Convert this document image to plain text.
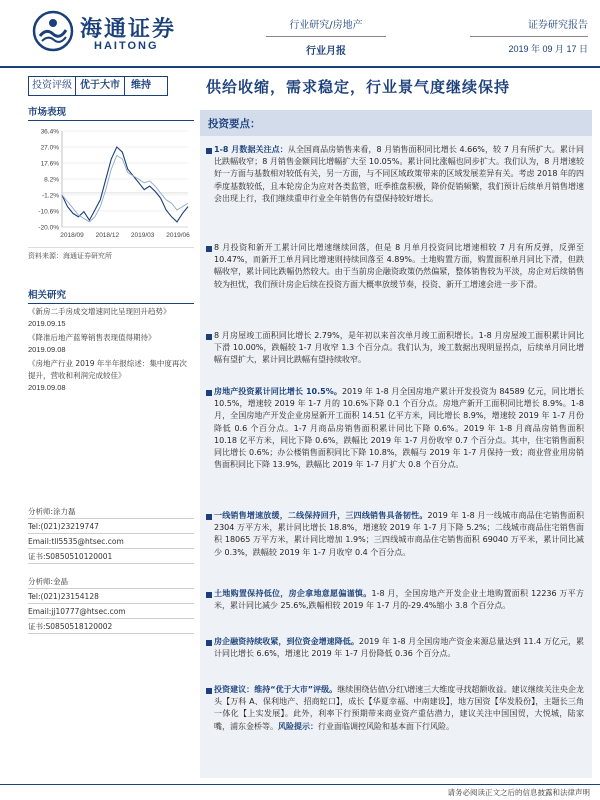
海通证券
HAITONG
行业研究/房地产
行业月报
证券研究报告
2019 年 09 月 17 日
投资评级 优于大市	维持	供给收缩，需求稳定，行业景气度继续保持
市场表现
36.4%
27.0%
17.6%
8.2%
-1.2%
-10.6%
-20.0%
2018/09 2018/12 2019/03 2019/06
资料来源：海通证券研究所
相关研究
《新房二手房成交增速同比呈现回升趋势》
2019.09.15
《降准后地产蓝筹销售表现值得期待》
2019.09.08
《房地产行业 2019 年半年报综述：集中度再次提升，营收和利润完成较佳》
2019.09.08
分析师:涂力磊
Tel:(021)23219747
Email:tll5535@htsec.com
证书:S0850510120001
分析师:金晶
Tel:(021)23154128
Email:jj10777@htsec.com
证书:S0850518120002
投资要点：
1-8 月数据关注点：从全国商品房销售来看，8 月销售面积同比增长 4.66%，较 7 月有所扩大。累计同比跌幅收窄；8 月销售金额同比增幅扩大至 10.05%。累计同比涨幅也同步扩大。我们认为，8 月增速较好一方面与基数相对较低有关，另一方面，与不同区域政策带来的区域发展差异有关。考虑 2018 年的四季度基数较低，且本轮房企为应对各类监管，旺季推盘积极，降价促销频繁，我们预计后续单月销售增速会出现上行，我们继续重申行业全年销售仍有望保持较好增长。
8 月投资和新开工累计同比增速继续回落，但是 8 月单月投资同比增速相较 7 月有所反弹，反弹至 10.47%，而新开工单月同比增速则持续回落至 4.89%。土地购置方面，购置面积单月同比下滑，但跌幅收窄，累计同比跌幅仍然较大。由于当前房企融资政策仍然偏紧，整体销售较为平淡，房企对后续销售较为担忧，我们预计房企后续在投资方面大概率放缓节奏，投资、新开工增速会进一步下滑。
8 月房屋竣工面积同比增长 2.79%，是年初以来首次单月竣工面积增长。1-8 月房屋竣工面积累计同比下滑 10.00%，跌幅较 1-7 月收窄 1.3 个百分点。我们认为，竣工数据出现明显拐点，后续单月同比增幅有望扩大，累计同比跌幅有望持续收窄。
房地产投资累计同比增长 10.5%。2019 年 1-8 月全国房地产累计开发投资为 84589 亿元，同比增长 10.5%，增速较 2019 年 1-7 月的 10.6%下降 0.1 个百分点。房地产新开工面积同比增长 8.9%。1-8 月，全国房地产开发企业房屋新开工面积 14.51 亿平方米，同比增长 8.9%，增速较 2019 年 1-7 月份降低 0.6 个百分点。1-7 月商品房销售面积累计同比下降 0.6%。2019 年 1-8 月商品房销售面积 10.18 亿平方米，同比下降 0.6%，跌幅比 2019 年 1-7 月份收窄 0.7 个百分点。其中，住宅销售面积同比增长 0.6%；办公楼销售面积同比下降 10.8%，跌幅与 2019 年 1-7 月保持一致；商业营业用房销售面积同比下降 13.9%，跌幅比 2019 年 1-7 月扩大 0.8 个百分点。
一线销售增速放缓，二线保持回升，三四线销售具备韧性。2019 年 1-8 月一线城市商品住宅销售面积 2304 万平方米，累计同比增长 18.8%，增速较 2019 年 1-7 月下降 5.2%；二线城市商品住宅销售面积 18065 万平方米，累计同比增加 1.9%；三四线城市商品住宅销售面积 69040 万平米，累计同比减少 0.3%，跌幅较 2019 年 1-7 月收窄 0.4 个百分点。
土地购置保持低位，房企拿地意愿偏谨慎。1-8 月，全国房地产开发企业土地购置面积 12236 万平方米，累计同比减少 25.6%,跌幅相较 2019 年 1-7 月的-29.4%缩小 3.8 个百分点。
房企融资持续收紧，到位资金增速降低。2019 年 1-8 月全国房地产资金来源总量达到 11.4 万亿元，累计同比增长 6.6%，增速比 2019 年 1-7 月份降低 0.36 个百分点。
投资建议：维持“优于大市”评级。继续围绕估值\分红\增速三大维度寻找超额收益。建议继续关注央企龙头【万科 A、保利地产、招商蛇口】，成长【华夏幸福、中南建设】，地方国资【华发股份】，主题长三角一体化【上实发展】。此外，利率下行预期带来商业资产重估潜力，建议关注中国国贸，大悦城，陆家嘴，浦东金桥等。风险提示：行业面临调控风险和基本面下行风险。
请务必阅读正文之后的信息披露和法律声明
